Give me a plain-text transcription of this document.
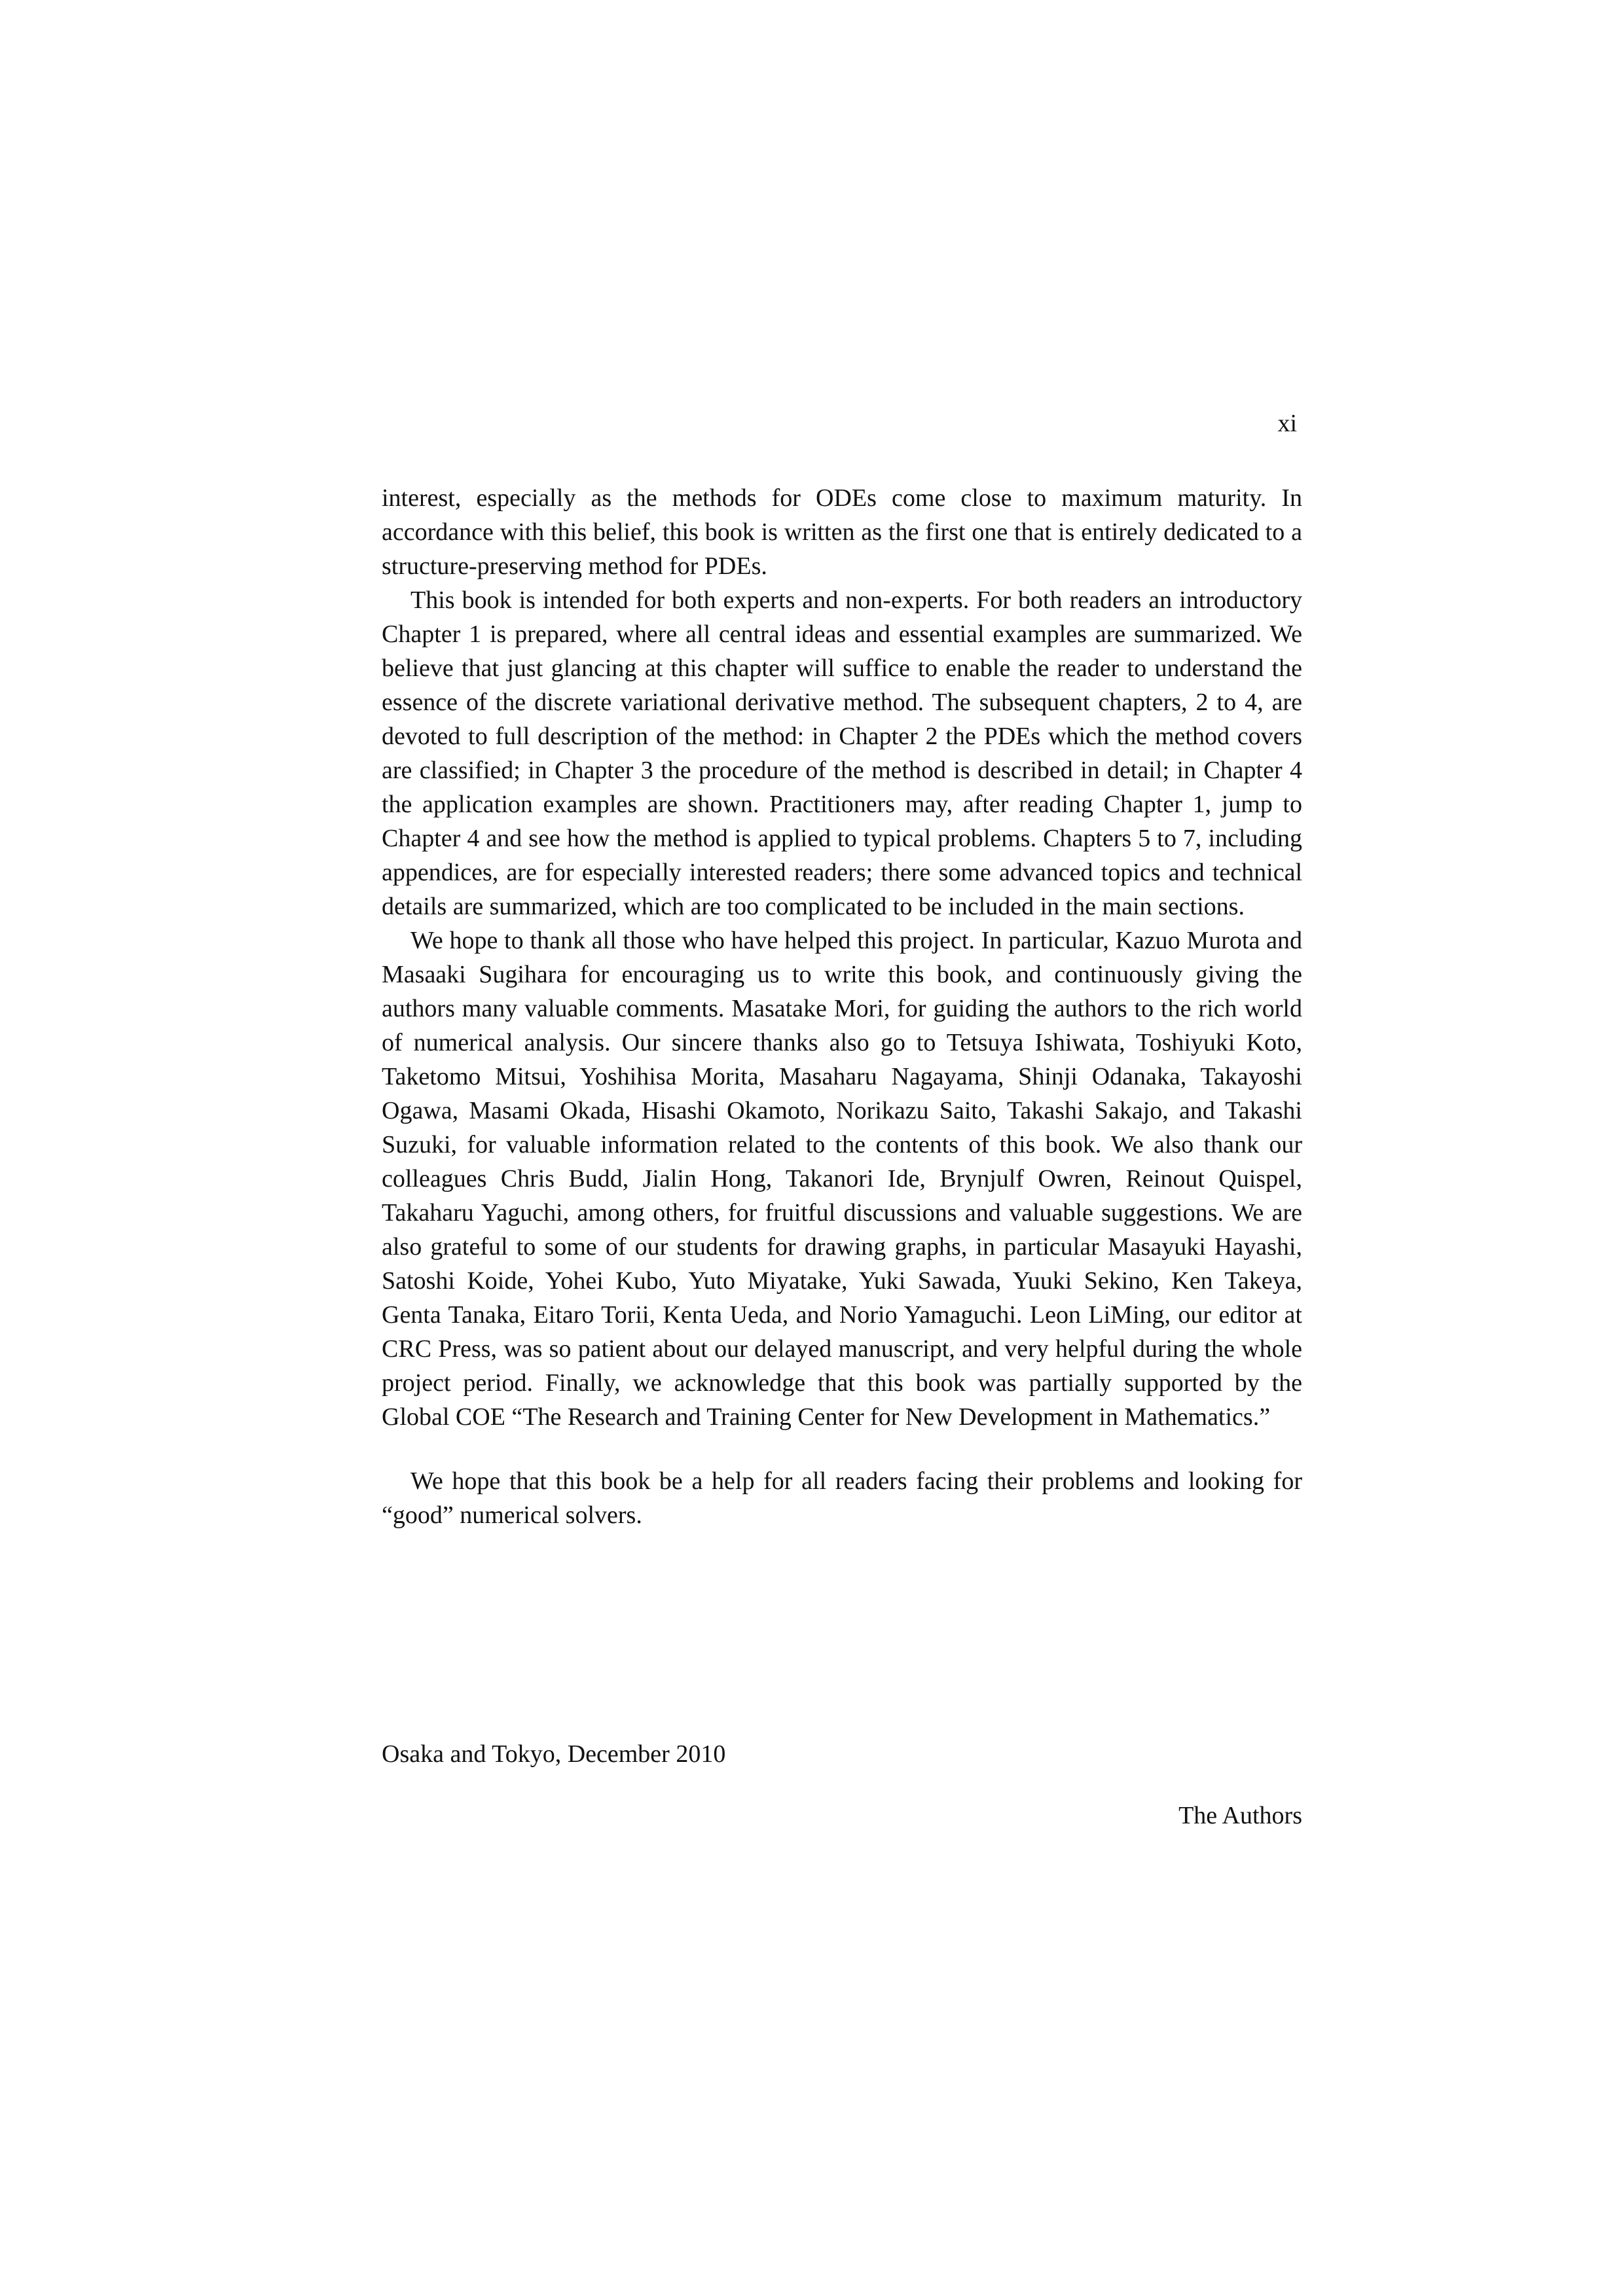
xi

interest, especially as the methods for ODEs come close to maximum maturity. In accordance with this belief, this book is written as the first one that is entirely dedicated to a structure-preserving method for PDEs.

This book is intended for both experts and non-experts. For both readers an introductory Chapter 1 is prepared, where all central ideas and essential examples are summarized. We believe that just glancing at this chapter will suffice to enable the reader to understand the essence of the discrete variational derivative method. The subsequent chapters, 2 to 4, are devoted to full description of the method: in Chapter 2 the PDEs which the method covers are classified; in Chapter 3 the procedure of the method is described in detail; in Chapter 4 the application examples are shown. Practitioners may, after reading Chapter 1, jump to Chapter 4 and see how the method is applied to typical problems. Chapters 5 to 7, including appendices, are for especially interested readers; there some advanced topics and technical details are summarized, which are too complicated to be included in the main sections.

We hope to thank all those who have helped this project. In particular, Kazuo Murota and Masaaki Sugihara for encouraging us to write this book, and continuously giving the authors many valuable comments. Masatake Mori, for guiding the authors to the rich world of numerical analysis. Our sincere thanks also go to Tetsuya Ishiwata, Toshiyuki Koto, Taketomo Mitsui, Yoshihisa Morita, Masaharu Nagayama, Shinji Odanaka, Takayoshi Ogawa, Masami Okada, Hisashi Okamoto, Norikazu Saito, Takashi Sakajo, and Takashi Suzuki, for valuable information related to the contents of this book. We also thank our colleagues Chris Budd, Jialin Hong, Takanori Ide, Brynjulf Owren, Reinout Quispel, Takaharu Yaguchi, among others, for fruitful discussions and valuable suggestions. We are also grateful to some of our students for drawing graphs, in particular Masayuki Hayashi, Satoshi Koide, Yohei Kubo, Yuto Miyatake, Yuki Sawada, Yuuki Sekino, Ken Takeya, Genta Tanaka, Eitaro Torii, Kenta Ueda, and Norio Yamaguchi. Leon LiMing, our editor at CRC Press, was so patient about our delayed manuscript, and very helpful during the whole project period. Finally, we acknowledge that this book was partially supported by the Global COE “The Research and Training Center for New Development in Mathematics.”

We hope that this book be a help for all readers facing their problems and looking for “good” numerical solvers.

Osaka and Tokyo, December 2010
The Authors
